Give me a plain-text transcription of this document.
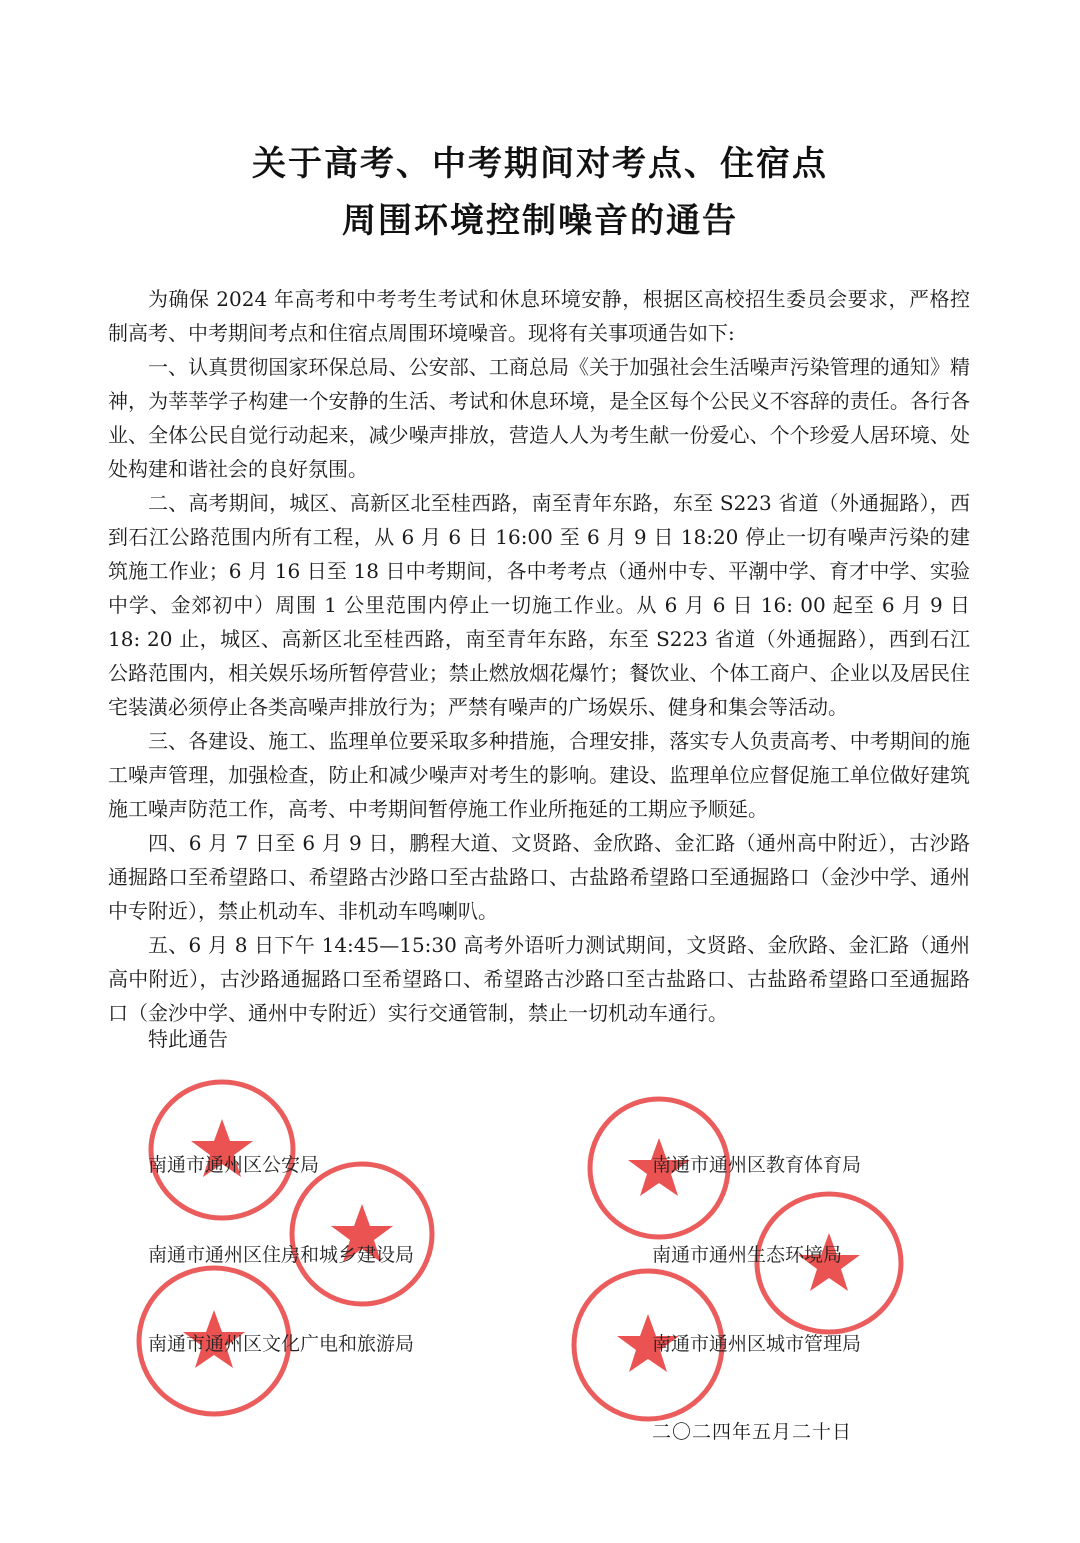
关于高考、中考期间对考点、住宿点
周围环境控制噪音的通告

为确保 2024 年高考和中考考生考试和休息环境安静，根据区高校招生委员会要求，严格控制高考、中考期间考点和住宿点周围环境噪音。现将有关事项通告如下:

一、认真贯彻国家环保总局、公安部、工商总局《关于加强社会生活噪声污染管理的通知》精神，为莘莘学子构建一个安静的生活、考试和休息环境，是全区每个公民义不容辞的责任。各行各业、全体公民自觉行动起来，减少噪声排放，营造人人为考生献一份爱心、个个珍爱人居环境、处处构建和谐社会的良好氛围。

二、高考期间，城区、高新区北至桂西路，南至青年东路，东至 S223 省道（外通掘路），西到石江公路范围内所有工程，从 6 月 6 日 16:00 至 6 月 9 日 18:20 停止一切有噪声污染的建筑施工作业；6 月 16 日至 18 日中考期间，各中考考点（通州中专、平潮中学、育才中学、实验中学、金郊初中）周围 1 公里范围内停止一切施工作业。从 6 月 6 日 16: 00 起至 6 月 9 日 18: 20 止，城区、高新区北至桂西路，南至青年东路，东至 S223 省道（外通掘路），西到石江公路范围内，相关娱乐场所暂停营业；禁止燃放烟花爆竹；餐饮业、个体工商户、企业以及居民住宅装潢必须停止各类高噪声排放行为；严禁有噪声的广场娱乐、健身和集会等活动。

三、各建设、施工、监理单位要采取多种措施，合理安排，落实专人负责高考、中考期间的施工噪声管理，加强检查，防止和减少噪声对考生的影响。建设、监理单位应督促施工单位做好建筑施工噪声防范工作，高考、中考期间暂停施工作业所拖延的工期应予顺延。

四、6 月 7 日至 6 月 9 日，鹏程大道、文贤路、金欣路、金汇路（通州高中附近），古沙路通掘路口至希望路口、希望路古沙路口至古盐路口、古盐路希望路口至通掘路口（金沙中学、通州中专附近），禁止机动车、非机动车鸣喇叭。

五、6 月 8 日下午 14:45—15:30 高考外语听力测试期间，文贤路、金欣路、金汇路（通州高中附近），古沙路通掘路口至希望路口、希望路古沙路口至古盐路口、古盐路希望路口至通掘路口（金沙中学、通州中专附近）实行交通管制，禁止一切机动车通行。

特此通告
南通市通州区公安局	南通市通州区教育体育局
南通市通州区住房和城乡建设局	南通市通州生态环境局
南通市通州区文化广电和旅游局	南通市通州区城市管理局
二〇二四年五月二十日
